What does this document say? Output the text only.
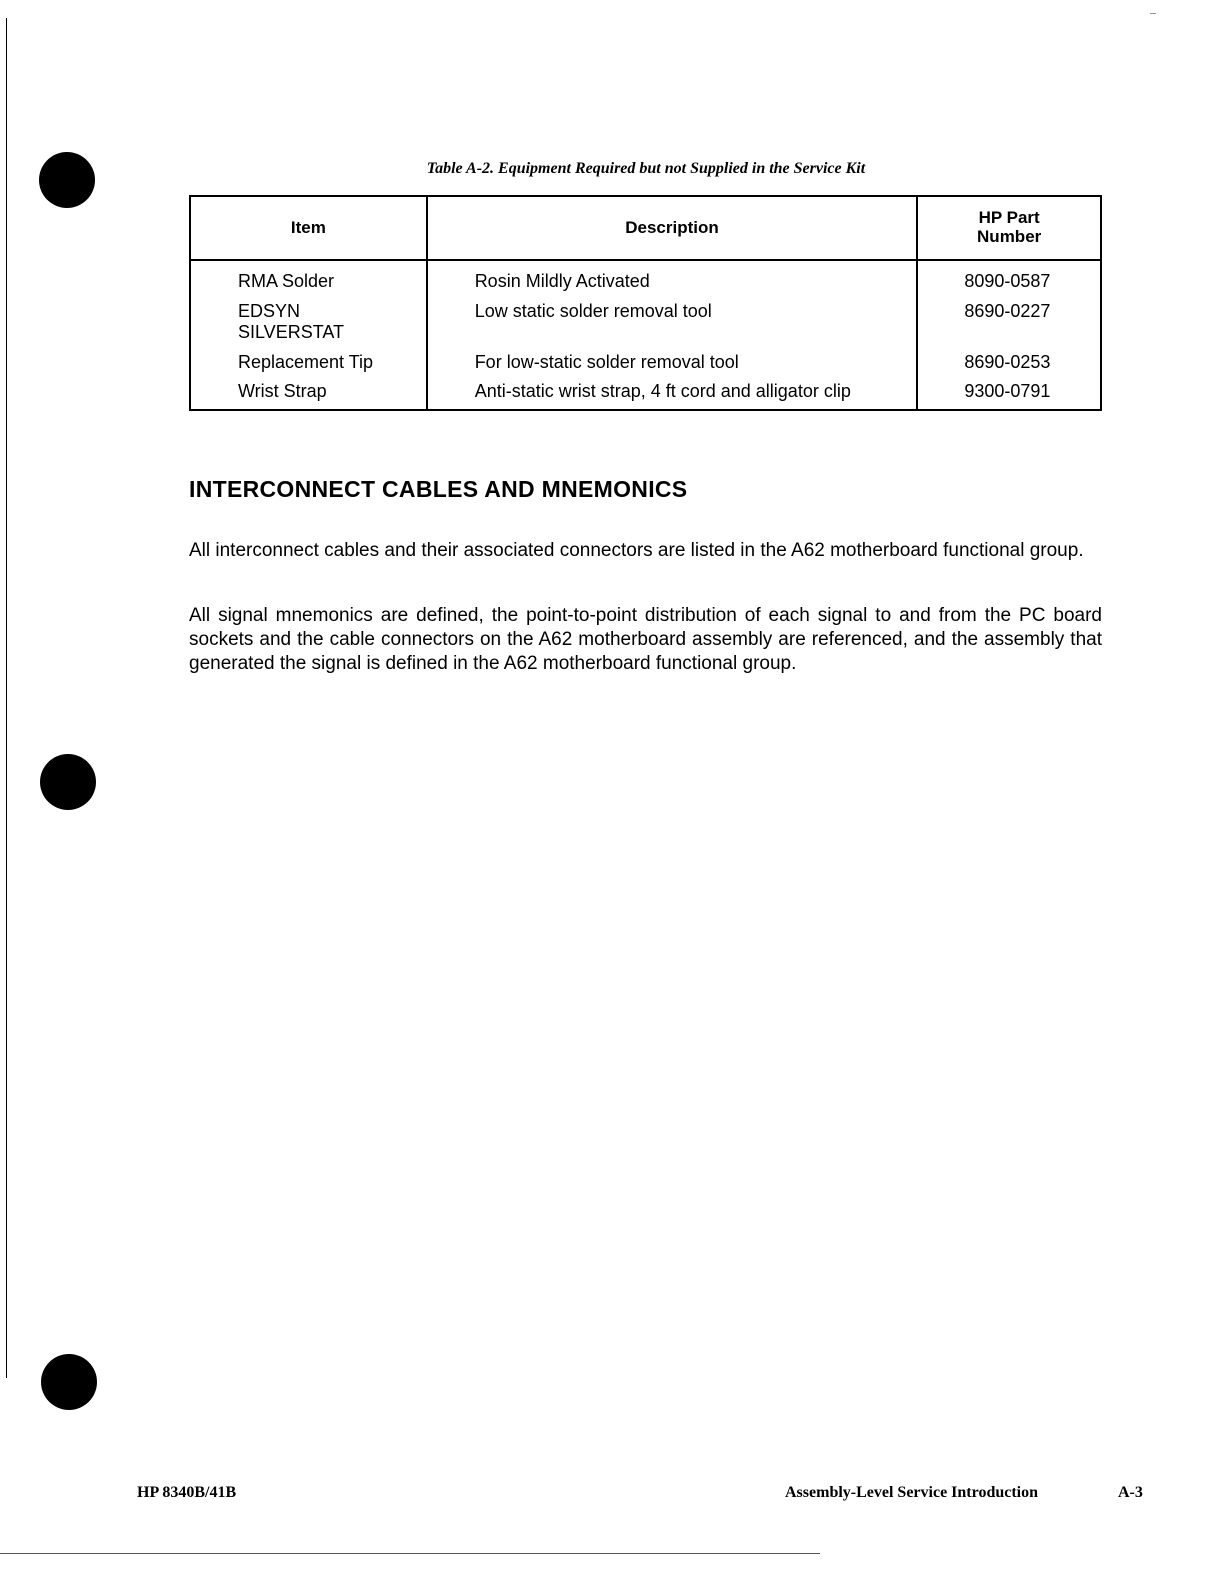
Table A-2. Equipment Required but not Supplied in the Service Kit
Item	Description	HP Part
Number
RMA Solder	Rosin Mildly Activated	8090-0587
EDSYN
SILVERSTAT	Low static solder removal tool	8690-0227
Replacement Tip	For low-static solder removal tool	8690-0253
Wrist Strap	Anti-static wrist strap, 4 ft cord and alligator clip	9300-0791
INTERCONNECT CABLES AND MNEMONICS

All interconnect cables and their associated connectors are listed in the A62 motherboard functional group.

All signal mnemonics are defined, the point-to-point distribution of each signal to and from the PC board sockets and the cable connectors on the A62 motherboard assembly are referenced, and the assembly that generated the signal is defined in the A62 motherboard functional group.

HP 8340B/41B	Assembly-Level Service Introduction	A-3
